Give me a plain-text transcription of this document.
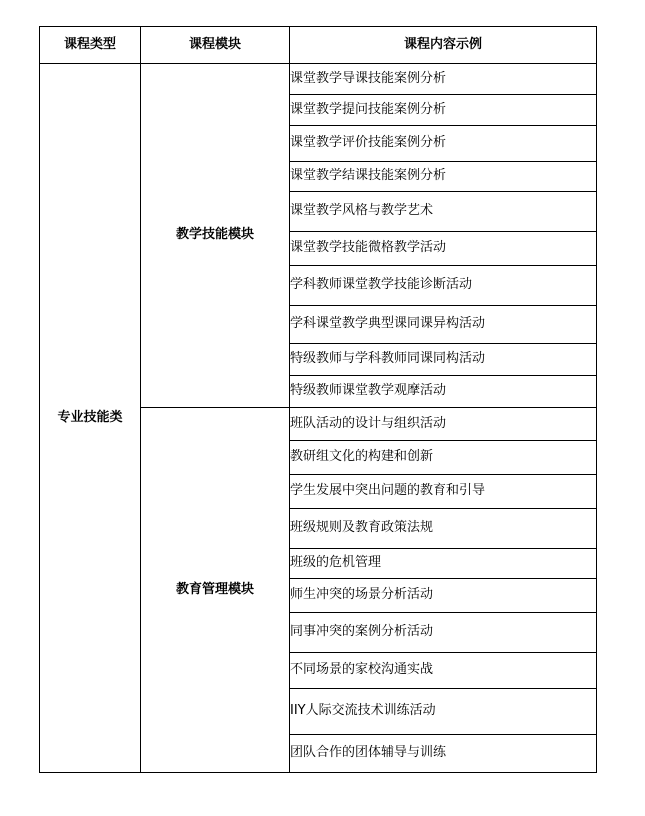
课程类型	课程模块	课程内容示例
专业技能类	教学技能模块	课堂教学导课技能案例分析
		课堂教学提问技能案例分析
		课堂教学评价技能案例分析
		课堂教学结课技能案例分析
		课堂教学风格与教学艺术
		课堂教学技能微格教学活动
		学科教师课堂教学技能诊断活动
		学科课堂教学典型课同课异构活动
		特级教师与学科教师同课同构活动
		特级教师课堂教学观摩活动
	教育管理模块	班队活动的设计与组织活动
		教研组文化的构建和创新
		学生发展中突出问题的教育和引导
		班级规则及教育政策法规
		班级的危机管理
		师生冲突的场景分析活动
		同事冲突的案例分析活动
		不同场景的家校沟通实战
		IIY人际交流技术训练活动
		团队合作的团体辅导与训练
